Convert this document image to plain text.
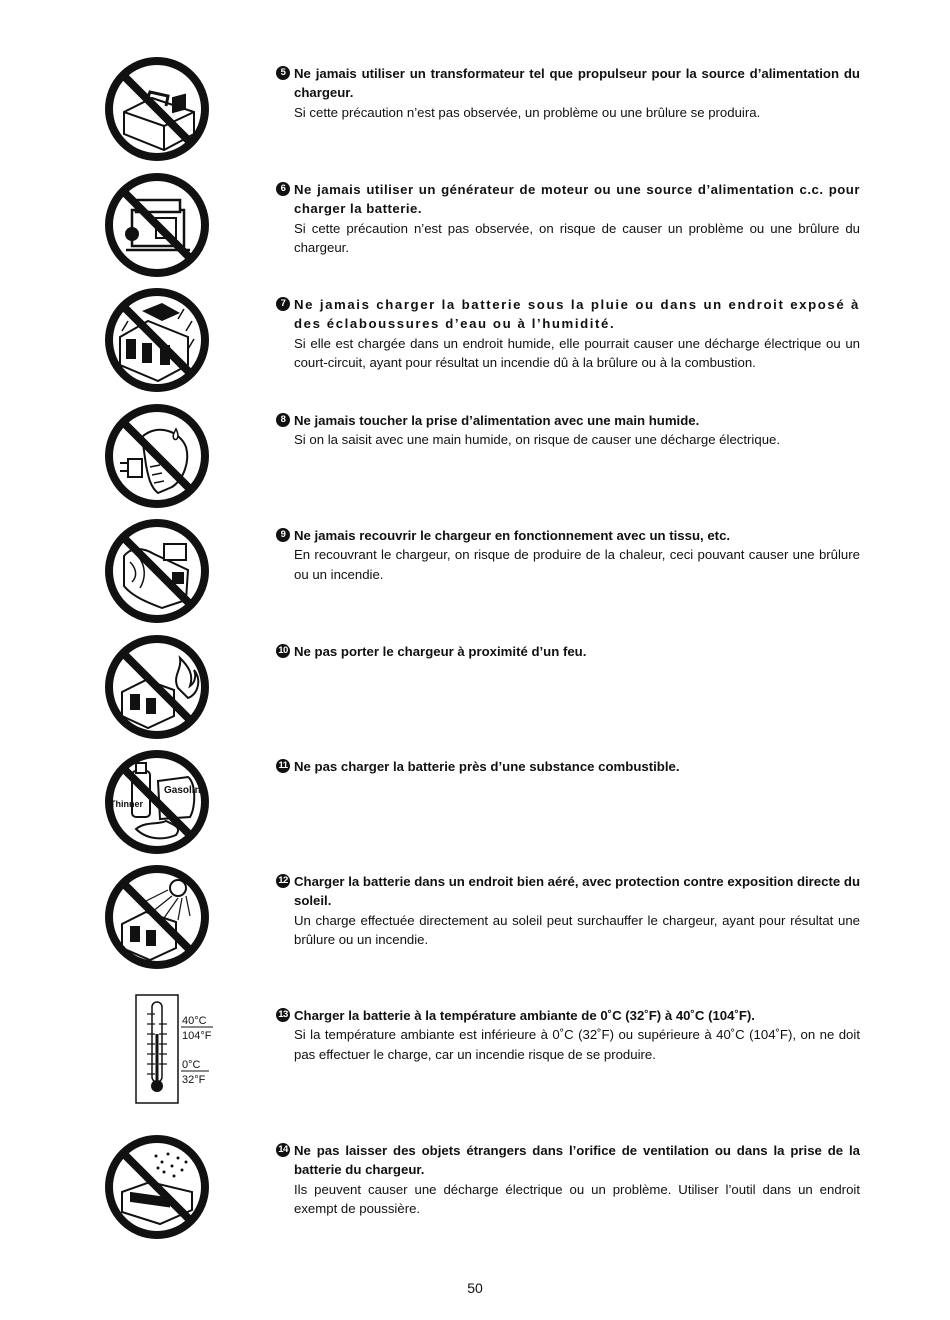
5 Ne jamais utiliser un transformateur tel que propulseur pour la source d’alimentation du chargeur.
Si cette précaution n’est pas observée, un problème ou une brûlure se produira.
6 Ne jamais utiliser un générateur de moteur ou une source d’alimentation c.c. pour charger la batterie.
Si cette précaution n’est pas observée, on risque de causer un problème ou une brûlure du chargeur.
7 Ne jamais charger la batterie sous la pluie ou dans un endroit exposé à des éclaboussures d’eau ou à l’humidité.
Si elle est chargée dans un endroit humide, elle pourrait causer une décharge électrique ou un court-circuit, ayant pour résultat un incendie dû à la brûlure ou à la combustion.
8 Ne jamais toucher la prise d’alimentation avec une main humide.
Si on la saisit avec une main humide, on risque de causer une décharge électrique.
9 Ne jamais recouvrir le chargeur en fonctionnement avec un tissu, etc.
En recouvrant le chargeur, on risque de produire de la chaleur, ceci pouvant causer une brûlure ou un incendie.
10 Ne pas porter le chargeur à proximité d’un feu.
Gasoline
Thinner
11 Ne pas charger la batterie près d’une substance combustible.
12 Charger la batterie dans un endroit bien aéré, avec protection contre exposition directe du soleil.
Un charge effectuée directement au soleil peut surchauffer le chargeur, ayant pour résultat une brûlure ou un incendie.
40°C
104°F
0°C
32°F
13 Charger la batterie à la température ambiante de 0˚C (32˚F) à 40˚C (104˚F).
Si la température ambiante est inférieure à 0˚C (32˚F) ou supérieure à 40˚C (104˚F), on ne doit pas effectuer le charge, car un incendie risque de se produire.
14 Ne pas laisser des objets étrangers dans l’orifice de ventilation ou dans la prise de la batterie du chargeur.
Ils peuvent causer une décharge électrique ou un problème. Utiliser l’outil dans un endroit exempt de poussière.
50
